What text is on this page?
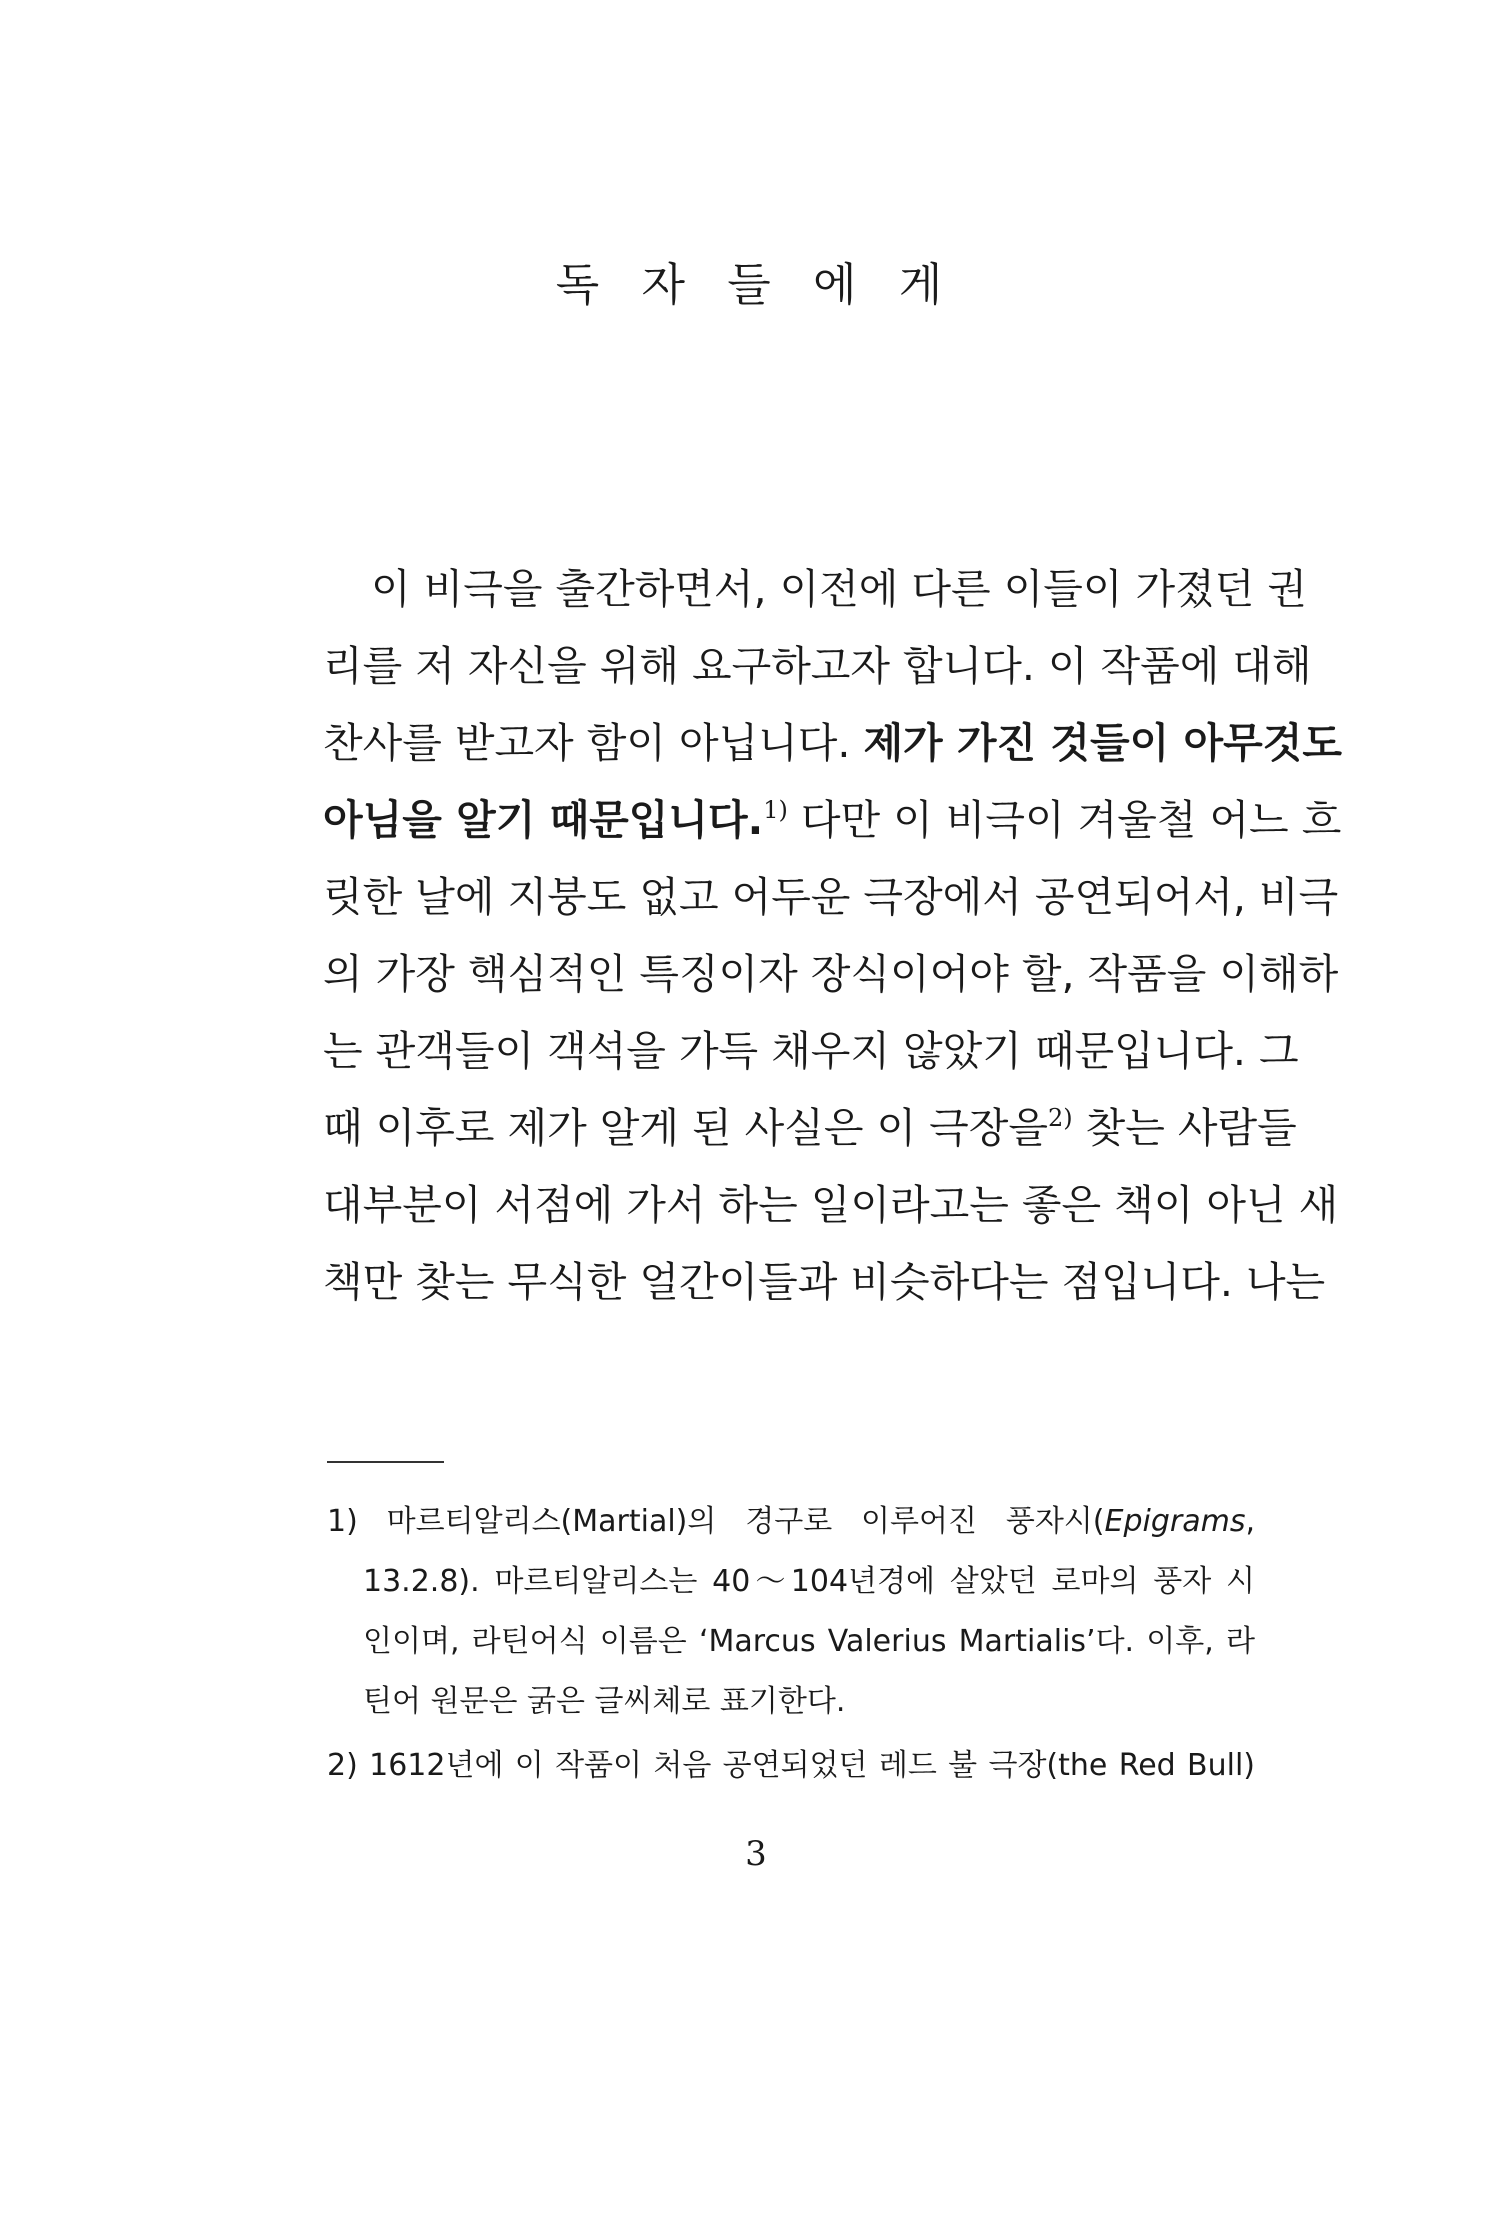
독 자 들 에 게
이 비극을 출간하면서, 이전에 다른 이들이 가졌던 권
리를 저 자신을 위해 요구하고자 합니다. 이 작품에 대해
찬사를 받고자 함이 아닙니다. 제가 가진 것들이 아무것도
아님을 알기 때문입니다.$^{1)}$ 다만 이 비극이 겨울철 어느 흐
릿한 날에 지붕도 없고 어두운 극장에서 공연되어서, 비극
의 가장 핵심적인 특징이자 장식이어야 할, 작품을 이해하
는 관객들이 객석을 가득 채우지 않았기 때문입니다. 그
때 이후로 제가 알게 된 사실은 이 극장을$^{2)}$ 찾는 사람들
대부분이 서점에 가서 하는 일이라고는 좋은 책이 아닌 새
책만 찾는 무식한 얼간이들과 비슷하다는 점입니다. 나는
1) 마르티알리스(Martial)의 경구로 이루어진 풍자시(Epigrams,
13.2.8). 마르티알리스는 40～104년경에 살았던 로마의 풍자 시
인이며, 라틴어식 이름은 ‘Marcus Valerius Martialis’다. 이후, 라
틴어 원문은 굵은 글씨체로 표기한다.
2) 1612년에 이 작품이 처음 공연되었던 레드 불 극장(the Red Bull)
3
